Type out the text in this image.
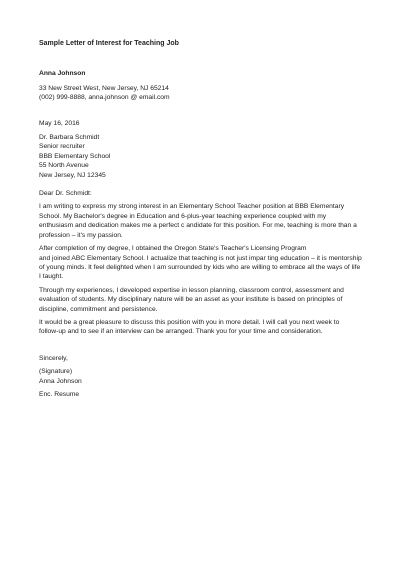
Sample Letter of Interest for Teaching Job
Anna Johnson
33 New Street West, New Jersey, NJ 65214
(002) 999-8888, anna.johnson @ email.com
May 16, 2016
Dr. Barbara Schmidt
Senior recruiter
BBB Elementary School
55 North Avenue
New Jersey, NJ 12345
Dear Dr. Schmidt:
I am writing to express my strong interest in an Elementary School Teacher position at BBB Elementary
School. My Bachelor's degree in Education and 6-plus-year teaching experience coupled with my
enthusiasm and dedication makes me a perfect c andidate for this position. For me, teaching is more than a
profession – it's my passion.
After completion of my degree, I obtained the Oregon State's Teacher's Licensing Program
and joined ABC Elementary School. I actualize that teaching is not just impar ting education – it is mentorship
of young minds. It feel delighted when I am surrounded by kids who are willing to embrace all the ways of life
I taught.
Through my experiences, I developed expertise in lesson planning, classroom control, assessment and
evaluation of students. My disciplinary nature will be an asset as your institute is based on principles of
discipline, commitment and persistence.
It would be a great pleasure to discuss this position with you in more detail. I will call you next week to
follow-up and to see if an interview can be arranged. Thank you for your time and consideration.
Sincerely,
(Signature)
Anna Johnson
Enc. Resume
